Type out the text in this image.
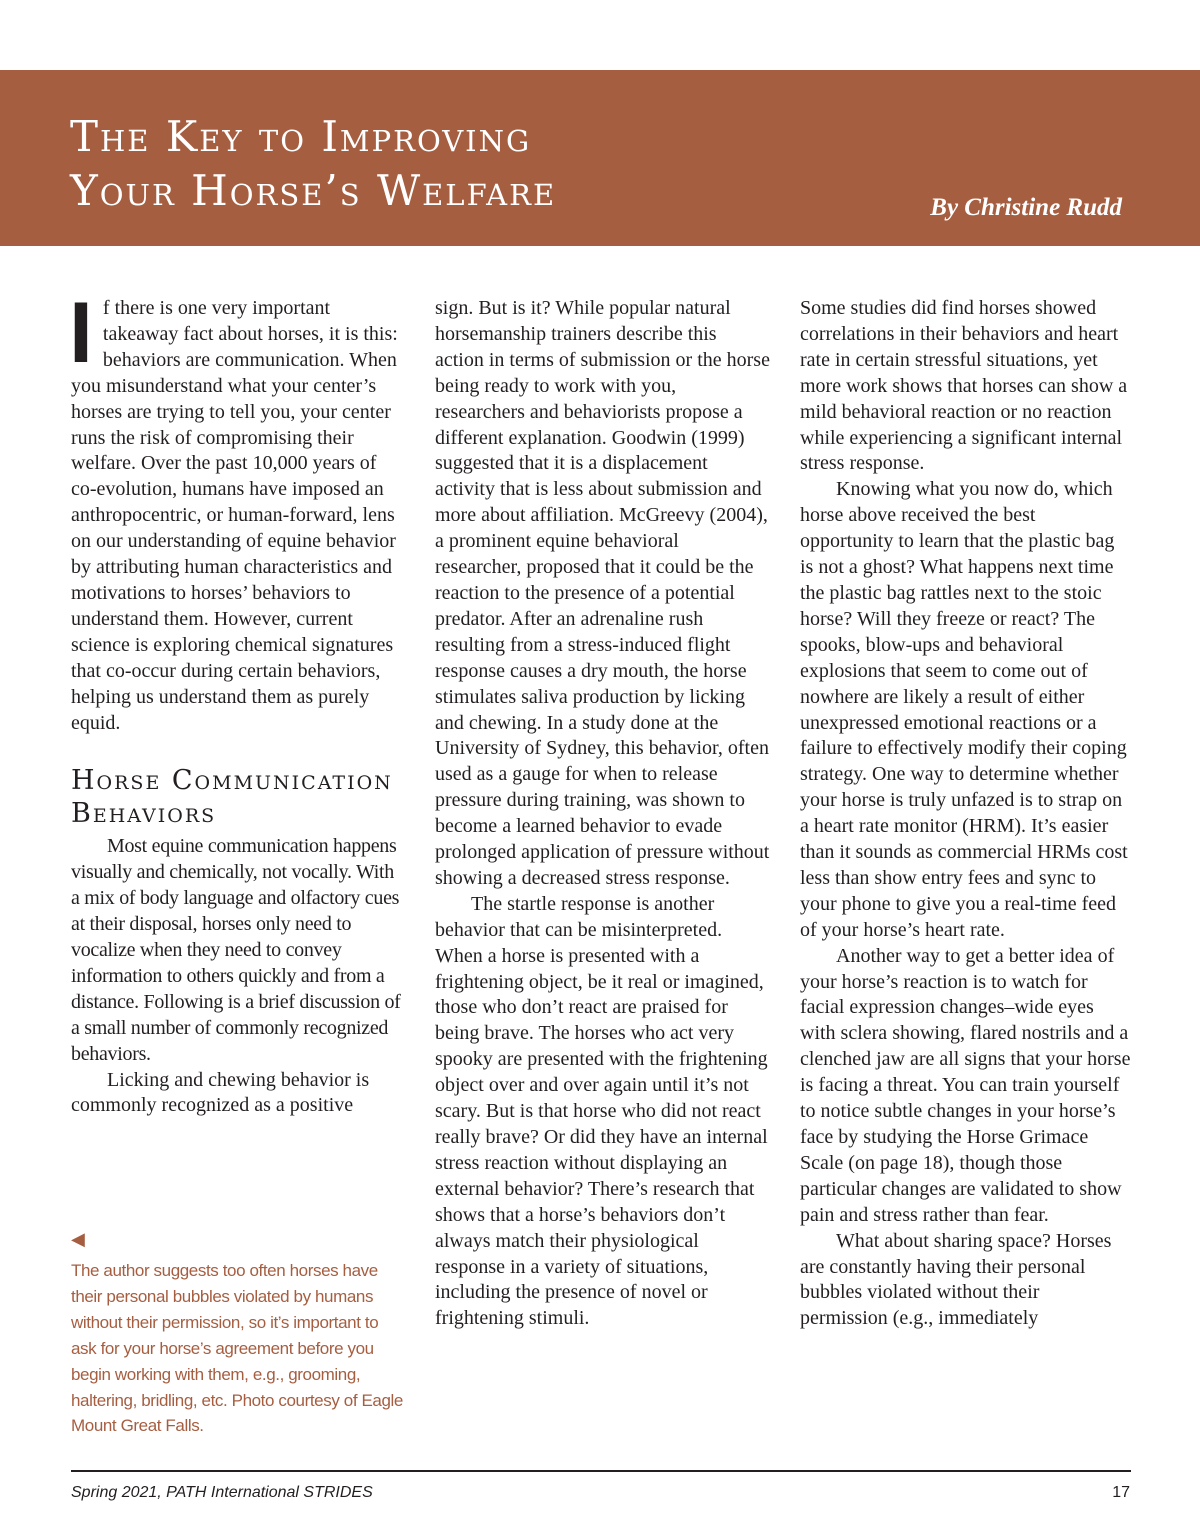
The Key to Improving
Your Horse’s Welfare	By Christine Rudd

If there is one very important takeaway fact about horses, it is this: behaviors are communication. When you misunderstand what your center’s horses are trying to tell you, your center runs the risk of compromising their welfare. Over the past 10,000 years of co-evolution, humans have imposed an anthropocentric, or human-forward, lens on our understanding of equine behavior by attributing human characteristics and motivations to horses’ behaviors to understand them. However, current science is exploring chemical signatures that co-occur during certain behaviors, helping us understand them as purely equid.

Horse Communication Behaviors

Most equine communication happens visually and chemically, not vocally. With a mix of body language and olfactory cues at their disposal, horses only need to vocalize when they need to convey information to others quickly and from a distance. Following is a brief discussion of a small number of commonly recognized behaviors.

Licking and chewing behavior is commonly recognized as a positive

◀
The author suggests too often horses have their personal bubbles violated by humans without their permission, so it’s important to ask for your horse’s agreement before you begin working with them, e.g., grooming, haltering, bridling, etc. Photo courtesy of Eagle Mount Great Falls.

sign. But is it? While popular natural horsemanship trainers describe this action in terms of submission or the horse being ready to work with you, researchers and behaviorists propose a different explanation. Goodwin (1999) suggested that it is a displacement activity that is less about submission and more about affiliation. McGreevy (2004), a prominent equine behavioral researcher, proposed that it could be the reaction to the presence of a potential predator. After an adrenaline rush resulting from a stress-induced flight response causes a dry mouth, the horse stimulates saliva production by licking and chewing. In a study done at the University of Sydney, this behavior, often used as a gauge for when to release pressure during training, was shown to become a learned behavior to evade prolonged application of pressure without showing a decreased stress response.

The startle response is another behavior that can be misinterpreted. When a horse is presented with a frightening object, be it real or imagined, those who don’t react are praised for being brave. The horses who act very spooky are presented with the frightening object over and over again until it’s not scary. But is that horse who did not react really brave? Or did they have an internal stress reaction without displaying an external behavior? There’s research that shows that a horse’s behaviors don’t always match their physiological response in a variety of situations, including the presence of novel or frightening stimuli.

Some studies did find horses showed correlations in their behaviors and heart rate in certain stressful situations, yet more work shows that horses can show a mild behavioral reaction or no reaction while experiencing a significant internal stress response.

Knowing what you now do, which horse above received the best opportunity to learn that the plastic bag is not a ghost? What happens next time the plastic bag rattles next to the stoic horse? Will they freeze or react? The spooks, blow-ups and behavioral explosions that seem to come out of nowhere are likely a result of either unexpressed emotional reactions or a failure to effectively modify their coping strategy. One way to determine whether your horse is truly unfazed is to strap on a heart rate monitor (HRM). It’s easier than it sounds as commercial HRMs cost less than show entry fees and sync to your phone to give you a real-time feed of your horse’s heart rate.

Another way to get a better idea of your horse’s reaction is to watch for facial expression changes–wide eyes with sclera showing, flared nostrils and a clenched jaw are all signs that your horse is facing a threat. You can train yourself to notice subtle changes in your horse’s face by studying the Horse Grimace Scale (on page 18), though those particular changes are validated to show pain and stress rather than fear.

What about sharing space? Horses are constantly having their personal bubbles violated without their permission (e.g., immediately

Spring 2021, PATH International STRIDES	17
